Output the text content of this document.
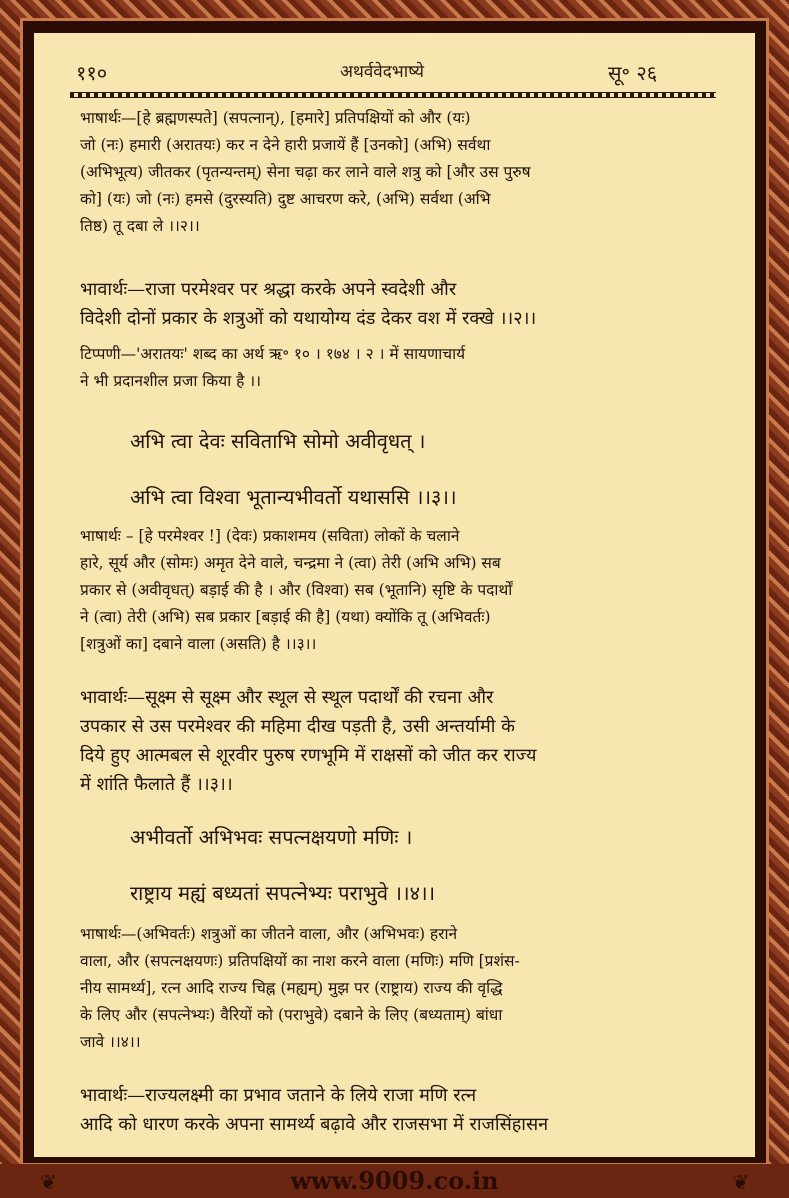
११०	अथर्ववेदभाष्ये	सू॰ २६
भाषार्थः—[हे ब्रह्मणस्पते] (सपत्नान्), [हमारे] प्रतिपक्षियों को और (यः)
जो (नः) हमारी (अरातयः) कर न देने हारी प्रजायें हैं [उनको] (अभि) सर्वथा
(अभिभूत्य) जीतकर (पृतन्यन्तम्) सेना चढ़ा कर लाने वाले शत्रु को [और उस पुरुष
को] (यः) जो (नः) हमसे (दुरस्यति) दुष्ट आचरण करे, (अभि) सर्वथा (अभि
तिष्ठ) तू दबा ले ।।२।।
भावार्थः—राजा परमेश्वर पर श्रद्धा करके अपने स्वदेशी और
विदेशी दोनों प्रकार के शत्रुओं को यथायोग्य दंड देकर वश में रक्खे ।।२।।
टिप्पणी—'अरातयः' शब्द का अर्थ ऋ॰ १० । १७४ । २ । में सायणाचार्य
ने भी प्रदानशील प्रजा किया है ।।
अभि त्वा देवः सविताभि सोमो अवीवृधत् ।
अभि त्वा विश्वा भूतान्यभीवर्तो यथाससि ।।३।।
भाषार्थः – [हे परमेश्वर !] (देवः) प्रकाशमय (सविता) लोकों के चलाने
हारे, सूर्य और (सोमः) अमृत देने वाले, चन्द्रमा ने (त्वा) तेरी (अभि अभि) सब
प्रकार से (अवीवृधत्) बड़ाई की है । और (विश्वा) सब (भूतानि) सृष्टि के पदार्थों
ने (त्वा) तेरी (अभि) सब प्रकार [बड़ाई की है] (यथा) क्योंकि तू (अभिवर्तः)
[शत्रुओं का] दबाने वाला (असति) है ।।३।।
भावार्थः—सूक्ष्म से सूक्ष्म और स्थूल से स्थूल पदार्थों की रचना और
उपकार से उस परमेश्वर की महिमा दीख पड़ती है, उसी अन्तर्यामी के
दिये हुए आत्मबल से शूरवीर पुरुष रणभूमि में राक्षसों को जीत कर राज्य
में शांति फैलाते हैं ।।३।।
अभीवर्तो अभिभवः सपत्नक्षयणो मणिः ।
राष्ट्राय मह्यं बध्यतां सपत्नेभ्यः पराभुवे ।।४।।
भाषार्थः—(अभिवर्तः) शत्रुओं का जीतने वाला, और (अभिभवः) हराने
वाला, और (सपत्नक्षयणः) प्रतिपक्षियों का नाश करने वाला (मणिः) मणि [प्रशंस-
नीय सामर्थ्य], रत्न आदि राज्य चिह्न (मह्यम्) मुझ पर (राष्ट्राय) राज्य की वृद्धि
के लिए और (सपत्नेभ्यः) वैरियों को (पराभुवे) दबाने के लिए (बध्यताम्) बांधा
जावे ।।४।।
भावार्थः—राज्यलक्ष्मी का प्रभाव जताने के लिये राजा मणि रत्न
आदि को धारण करके अपना सामर्थ्य बढ़ावे और राजसभा में राजसिंहासन
❦	www.9009.co.in	❦
